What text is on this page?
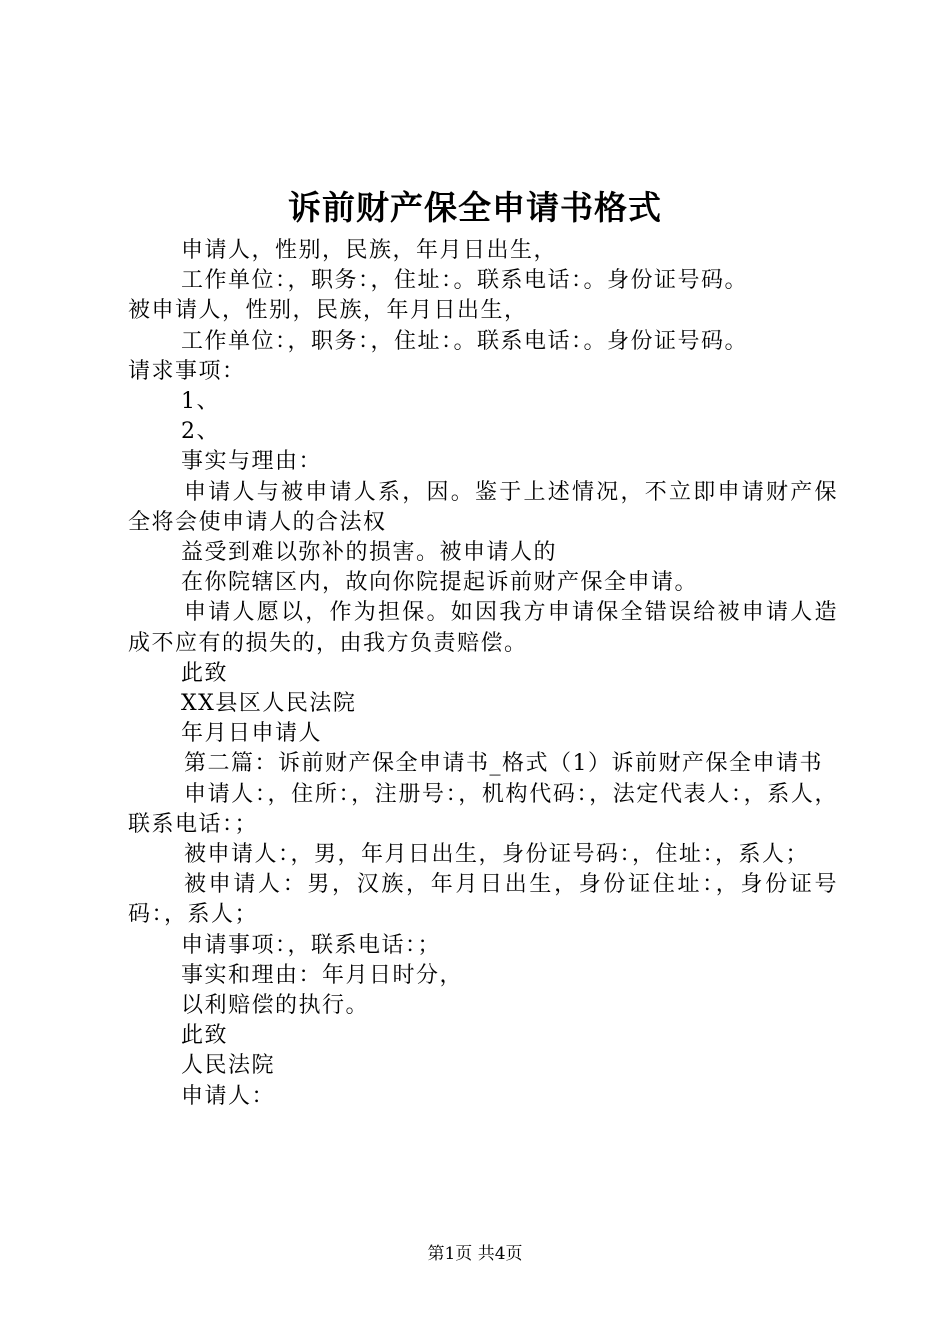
诉前财产保全申请书格式

申请人，性别，民族，年月日出生，

工作单位：，职务：，住址：。联系电话：。身份证号码。

被申请人，性别，民族，年月日出生，

工作单位：，职务：，住址：。联系电话：。身份证号码。

请求事项：

1、

2、

事实与理由：

申请人与被申请人系，因。鉴于上述情况，不立即申请财产保全将会使申请人的合法权

益受到难以弥补的损害。被申请人的

在你院辖区内，故向你院提起诉前财产保全申请。

申请人愿以，作为担保。如因我方申请保全错误给被申请人造成不应有的损失的，由我方负责赔偿。

此致

XX县区人民法院

年月日申请人

第二篇：诉前财产保全申请书_格式（1）诉前财产保全申请书

申请人：，住所：，注册号：，机构代码：，法定代表人：，系人，联系电话：；

被申请人：，男，年月日出生，身份证号码：，住址：，系人；

被申请人：男，汉族，年月日出生，身份证住址：，身份证号码：，系人；

申请事项：，联系电话：；

事实和理由：年月日时分，

以利赔偿的执行。

此致

人民法院

申请人：

第1页 共4页
